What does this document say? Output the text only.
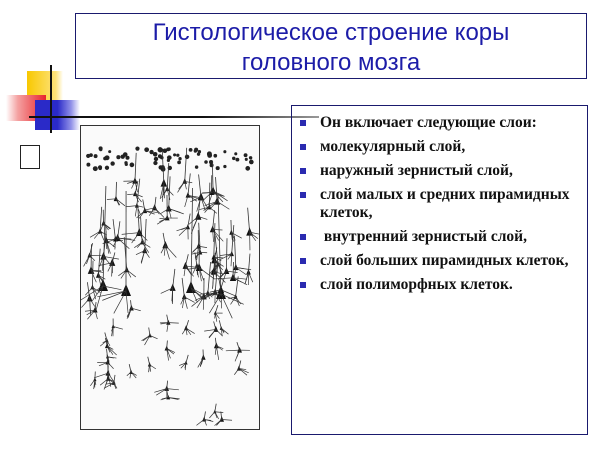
Гистологическое строение коры
головного мозга
Он включает следующие слои:
молекулярный слой,
наружный зернистый слой,
слой малых и средних пирамидных клеток,
внутренний зернистый слой,
слой больших пирамидных клеток,
слой полиморфных клеток.
